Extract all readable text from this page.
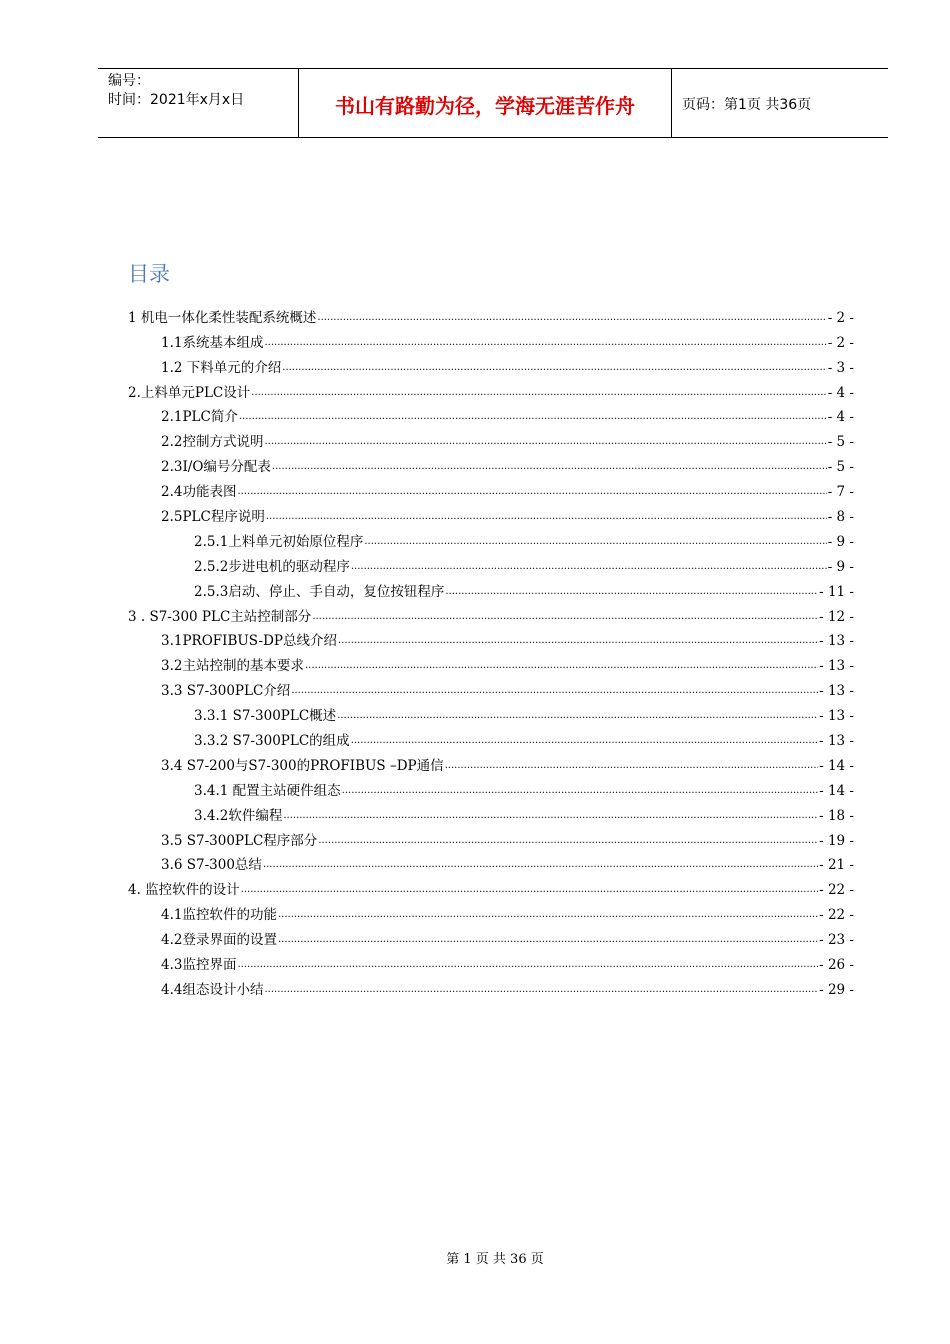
编号：
时间：2021年x月x日	书山有路勤为径，学海无涯苦作舟	页码：第1页 共36页
目录
1 机电一体化柔性装配系统概述 .....	- 2 -
1.1系统基本组成 .....	- 2 -
1.2 下料单元的介绍 .....	- 3 -
2.上料单元PLC设计 .....	- 4 -
2.1PLC简介 .....	- 4 -
2.2控制方式说明 .....	- 5 -
2.3I/O编号分配表 .....	- 5 -
2.4功能表图 .....	- 7 -
2.5PLC程序说明 .....	- 8 -
2.5.1上料单元初始原位程序 .....	- 9 -
2.5.2步进电机的驱动程序 .....	- 9 -
2.5.3启动、停止、手自动，复位按钮程序 .....	- 11 -
3 . S7-300 PLC主站控制部分 .....	- 12 -
3.1PROFIBUS-DP总线介绍 .....	- 13 -
3.2主站控制的基本要求 .....	- 13 -
3.3 S7-300PLC介绍 .....	- 13 -
3.3.1 S7-300PLC概述 .....	- 13 -
3.3.2 S7-300PLC的组成 .....	- 13 -
3.4 S7-200与S7-300的PROFIBUS –DP通信 .....	- 14 -
3.4.1 配置主站硬件组态 .....	- 14 -
3.4.2软件编程 .....	- 18 -
3.5 S7-300PLC程序部分 .....	- 19 -
3.6 S7-300总结 .....	- 21 -
4. 监控软件的设计 .....	- 22 -
4.1监控软件的功能 .....	- 22 -
4.2登录界面的设置 .....	- 23 -
4.3监控界面 .....	- 26 -
4.4组态设计小结 .....	- 29 -
第 1 页 共 36 页
